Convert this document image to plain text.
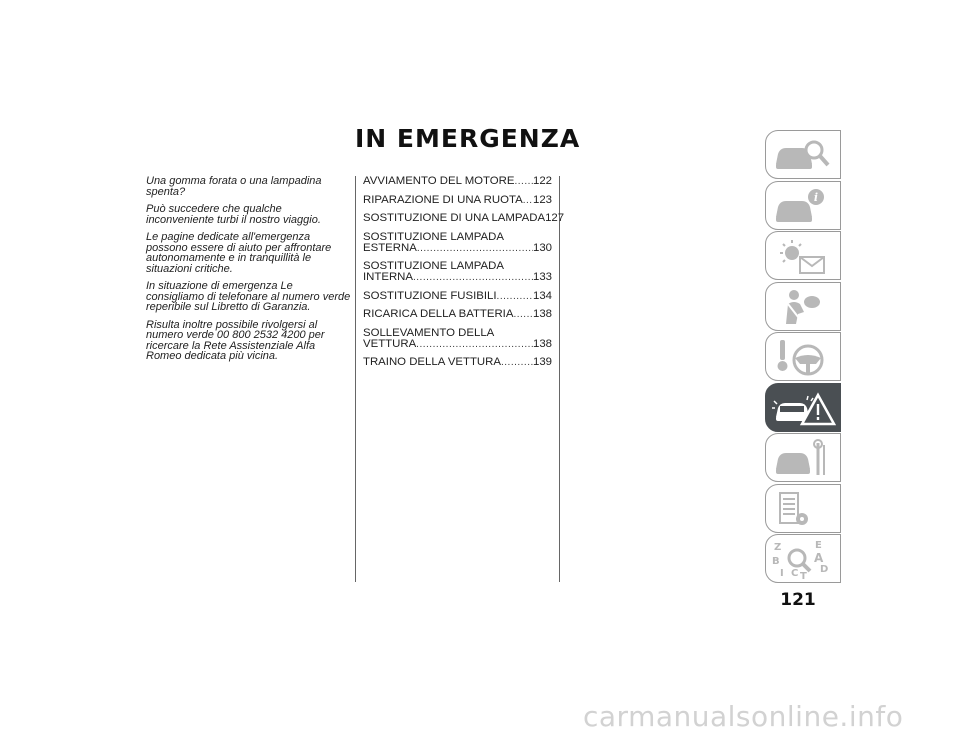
IN EMERGENZA

Una gomma forata o una lampadina spenta?

Può succedere che qualche inconveniente turbi il nostro viaggio.

Le pagine dedicate all'emergenza possono essere di aiuto per affrontare autonomamente e in tranquillità le situazioni critiche.

In situazione di emergenza Le consigliamo di telefonare al numero verde reperibile sul Libretto di Garanzia.

Risulta inoltre possibile rivolgersi al numero verde 00 800 2532 4200 per ricercare la Rete Assistenziale Alfa Romeo dedicata più vicina.

AVVIAMENTO DEL MOTORE ..... 122
RIPARAZIONE DI UNA RUOTA ..... 123
SOSTITUZIONE DI UNA LAMPADA 127
SOSTITUZIONE LAMPADA
ESTERNA .....	130
SOSTITUZIONE LAMPADA
INTERNA .....	133
SOSTITUZIONE FUSIBILI .....	134
RICARICA DELLA BATTERIA ..... 138
SOLLEVAMENTO DELLA
VETTURA .....	138
TRAINO DELLA VETTURA .....	139
i
Z	E
B	A
I C T
D
121
carmanualsonline.info
